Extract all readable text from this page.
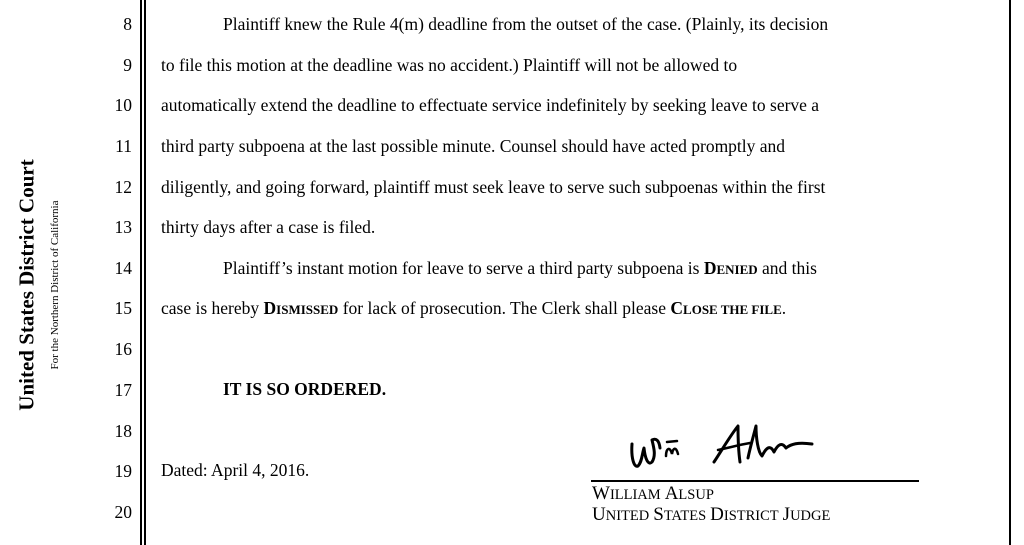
United States District Court For the Northern District of California
8
9
10
11
12
13
14
15
16
17
18
19
20
Plaintiff knew the Rule 4(m) deadline from the outset of the case. (Plainly, its decision
to file this motion at the deadline was no accident.) Plaintiff will not be allowed to
automatically extend the deadline to effectuate service indefinitely by seeking leave to serve a
third party subpoena at the last possible minute. Counsel should have acted promptly and
diligently, and going forward, plaintiff must seek leave to serve such subpoenas within the first
thirty days after a case is filed.
Plaintiff’s instant motion for leave to serve a third party subpoena is DENIED and this
case is hereby DISMISSED for lack of prosecution. The Clerk shall please CLOSE THE FILE.
IT IS SO ORDERED.
Dated: April 4, 2016.
WILLIAM ALSUP
UNITED STATES DISTRICT JUDGE
